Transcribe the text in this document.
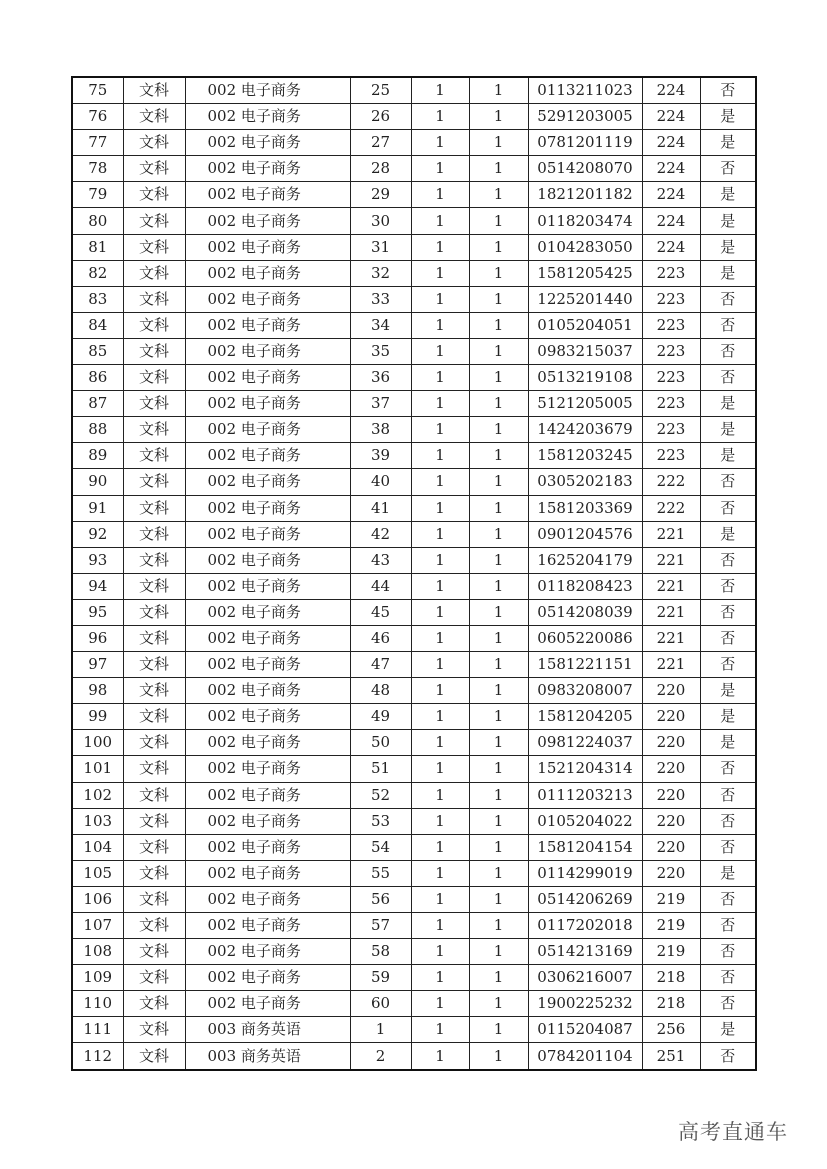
75	文科	002 电子商务	25	1	1	0113211023	224	否
76	文科	002 电子商务	26	1	1	5291203005	224	是
77	文科	002 电子商务	27	1	1	0781201119	224	是
78	文科	002 电子商务	28	1	1	0514208070	224	否
79	文科	002 电子商务	29	1	1	1821201182	224	是
80	文科	002 电子商务	30	1	1	0118203474	224	是
81	文科	002 电子商务	31	1	1	0104283050	224	是
82	文科	002 电子商务	32	1	1	1581205425	223	是
83	文科	002 电子商务	33	1	1	1225201440	223	否
84	文科	002 电子商务	34	1	1	0105204051	223	否
85	文科	002 电子商务	35	1	1	0983215037	223	否
86	文科	002 电子商务	36	1	1	0513219108	223	否
87	文科	002 电子商务	37	1	1	5121205005	223	是
88	文科	002 电子商务	38	1	1	1424203679	223	是
89	文科	002 电子商务	39	1	1	1581203245	223	是
90	文科	002 电子商务	40	1	1	0305202183	222	否
91	文科	002 电子商务	41	1	1	1581203369	222	否
92	文科	002 电子商务	42	1	1	0901204576	221	是
93	文科	002 电子商务	43	1	1	1625204179	221	否
94	文科	002 电子商务	44	1	1	0118208423	221	否
95	文科	002 电子商务	45	1	1	0514208039	221	否
96	文科	002 电子商务	46	1	1	0605220086	221	否
97	文科	002 电子商务	47	1	1	1581221151	221	否
98	文科	002 电子商务	48	1	1	0983208007	220	是
99	文科	002 电子商务	49	1	1	1581204205	220	是
100	文科	002 电子商务	50	1	1	0981224037	220	是
101	文科	002 电子商务	51	1	1	1521204314	220	否
102	文科	002 电子商务	52	1	1	0111203213	220	否
103	文科	002 电子商务	53	1	1	0105204022	220	否
104	文科	002 电子商务	54	1	1	1581204154	220	否
105	文科	002 电子商务	55	1	1	0114299019	220	是
106	文科	002 电子商务	56	1	1	0514206269	219	否
107	文科	002 电子商务	57	1	1	0117202018	219	否
108	文科	002 电子商务	58	1	1	0514213169	219	否
109	文科	002 电子商务	59	1	1	0306216007	218	否
110	文科	002 电子商务	60	1	1	1900225232	218	否
111	文科	003 商务英语	1	1	1	0115204087	256	是
112	文科	003 商务英语	2	1	1	0784201104	251	否
高考直通车
